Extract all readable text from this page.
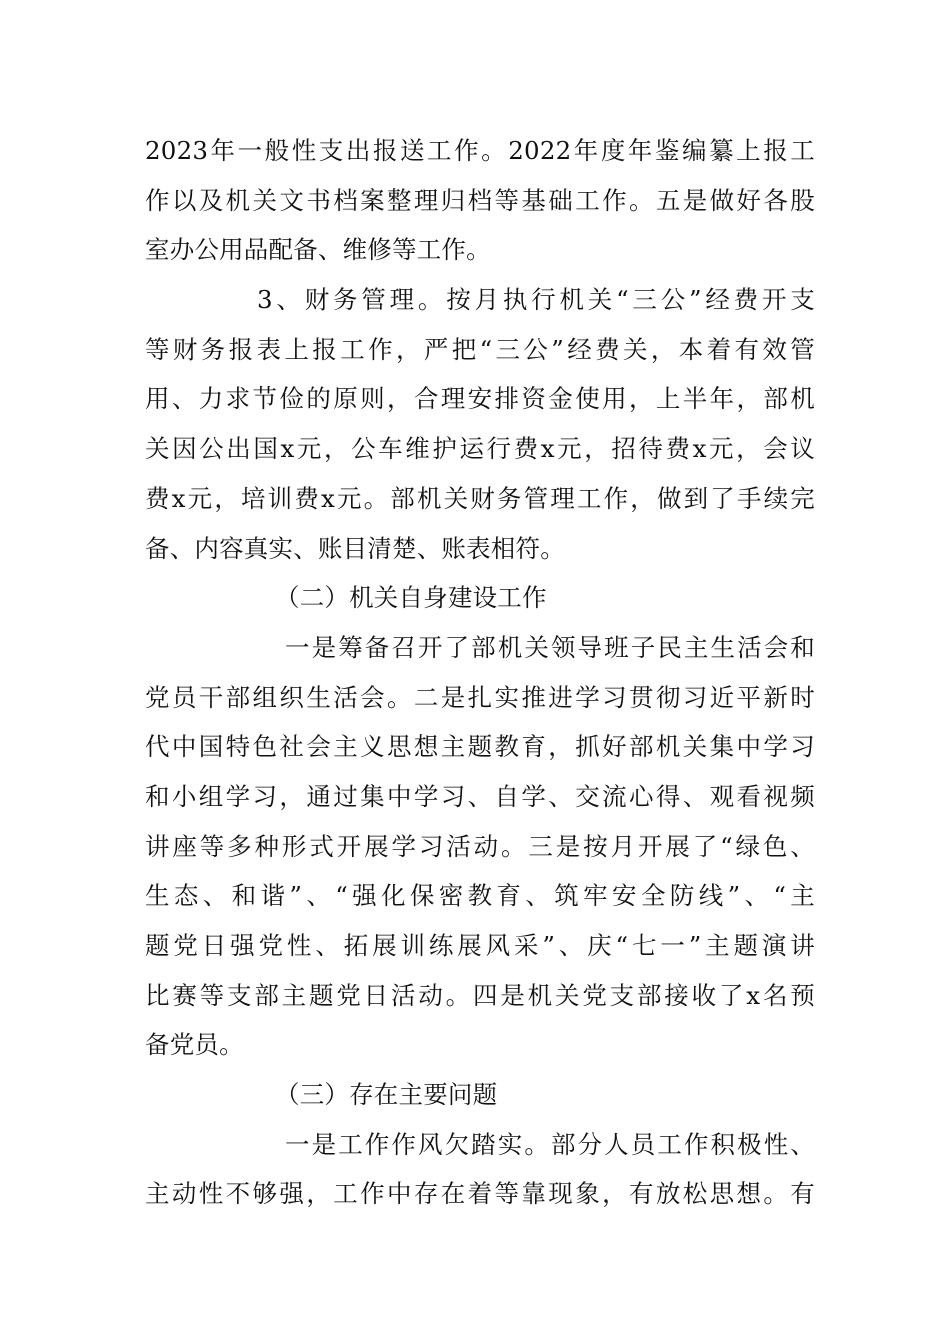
2023年一般性支出报送工作。2022年度年鉴编纂上报工
作以及机关文书档案整理归档等基础工作。五是做好各股
室办公用品配备、维修等工作。
3、财务管理。按月执行机关“三公”经费开支
等财务报表上报工作，严把“三公”经费关，本着有效管
用、力求节俭的原则，合理安排资金使用，上半年，部机
关因公出国x元，公车维护运行费x元，招待费x元，会议
费x元，培训费x元。部机关财务管理工作，做到了手续完
备、内容真实、账目清楚、账表相符。
（二）机关自身建设工作
一是筹备召开了部机关领导班子民主生活会和
党员干部组织生活会。二是扎实推进学习贯彻习近平新时
代中国特色社会主义思想主题教育，抓好部机关集中学习
和小组学习，通过集中学习、自学、交流心得、观看视频
讲座等多种形式开展学习活动。三是按月开展了“绿色、
生态、和谐”、“强化保密教育、筑牢安全防线”、“主
题党日强党性、拓展训练展风采”、庆“七一”主题演讲
比赛等支部主题党日活动。四是机关党支部接收了x名预
备党员。
（三）存在主要问题
一是工作作风欠踏实。部分人员工作积极性、
主动性不够强，工作中存在着等靠现象，有放松思想。有
